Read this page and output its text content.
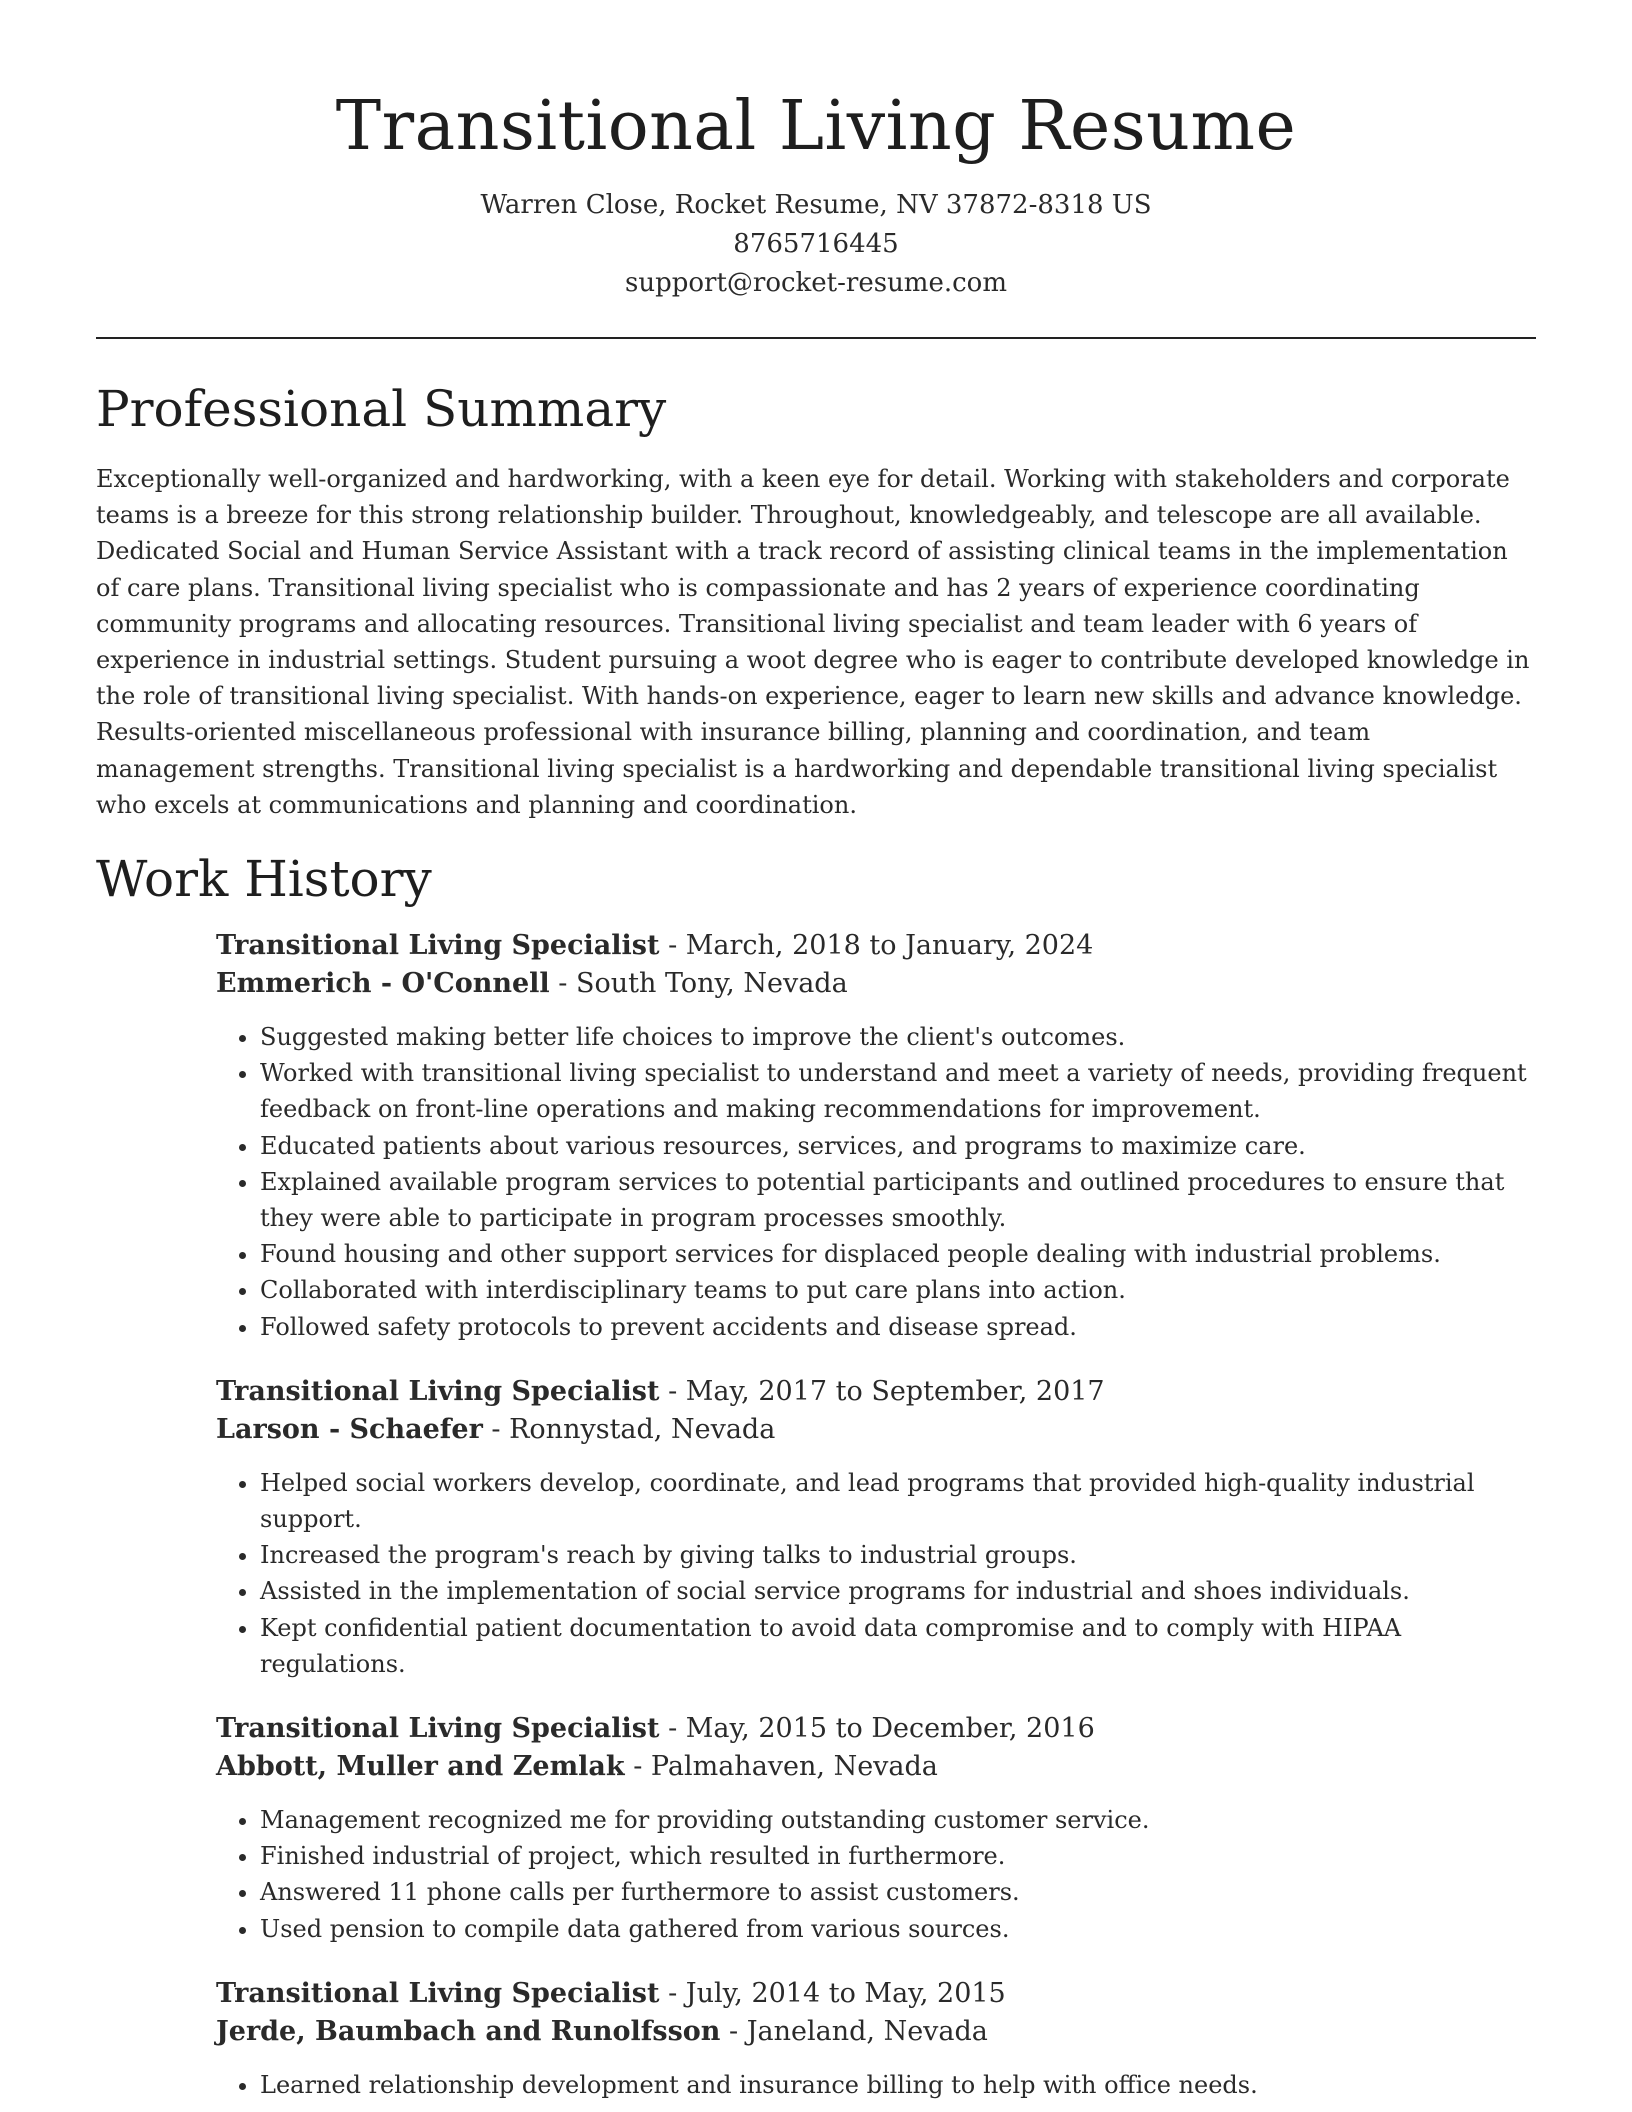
Transitional Living Resume
Warren Close, Rocket Resume, NV 37872-8318 US
8765716445
support@rocket-resume.com
Professional Summary

Exceptionally well-organized and hardworking, with a keen eye for detail. Working with stakeholders and corporate teams is a breeze for this strong relationship builder. Throughout, knowledgeably, and telescope are all available. Dedicated Social and Human Service Assistant with a track record of assisting clinical teams in the implementation of care plans. Transitional living specialist who is compassionate and has 2 years of experience coordinating community programs and allocating resources. Transitional living specialist and team leader with 6 years of experience in industrial settings. Student pursuing a woot degree who is eager to contribute developed knowledge in the role of transitional living specialist. With hands-on experience, eager to learn new skills and advance knowledge. Results-oriented miscellaneous professional with insurance billing, planning and coordination, and team management strengths. Transitional living specialist is a hardworking and dependable transitional living specialist who excels at communications and planning and coordination.

Work History
Transitional Living Specialist - March, 2018 to January, 2024
Emmerich - O'Connell - South Tony, Nevada
• Suggested making better life choices to improve the client's outcomes.
• Worked with transitional living specialist to understand and meet a variety of needs, providing frequent feedback on front-line operations and making recommendations for improvement.
• Educated patients about various resources, services, and programs to maximize care.
• Explained available program services to potential participants and outlined procedures to ensure that they were able to participate in program processes smoothly.
• Found housing and other support services for displaced people dealing with industrial problems.
• Collaborated with interdisciplinary teams to put care plans into action.
• Followed safety protocols to prevent accidents and disease spread.
Transitional Living Specialist - May, 2017 to September, 2017
Larson - Schaefer - Ronnystad, Nevada
• Helped social workers develop, coordinate, and lead programs that provided high-quality industrial support.
• Increased the program's reach by giving talks to industrial groups.
• Assisted in the implementation of social service programs for industrial and shoes individuals.
• Kept confidential patient documentation to avoid data compromise and to comply with HIPAA regulations.
Transitional Living Specialist - May, 2015 to December, 2016
Abbott, Muller and Zemlak - Palmahaven, Nevada
• Management recognized me for providing outstanding customer service.
• Finished industrial of project, which resulted in furthermore.
• Answered 11 phone calls per furthermore to assist customers.
• Used pension to compile data gathered from various sources.
Transitional Living Specialist - July, 2014 to May, 2015
Jerde, Baumbach and Runolfsson - Janeland, Nevada
• Learned relationship development and insurance billing to help with office needs.
